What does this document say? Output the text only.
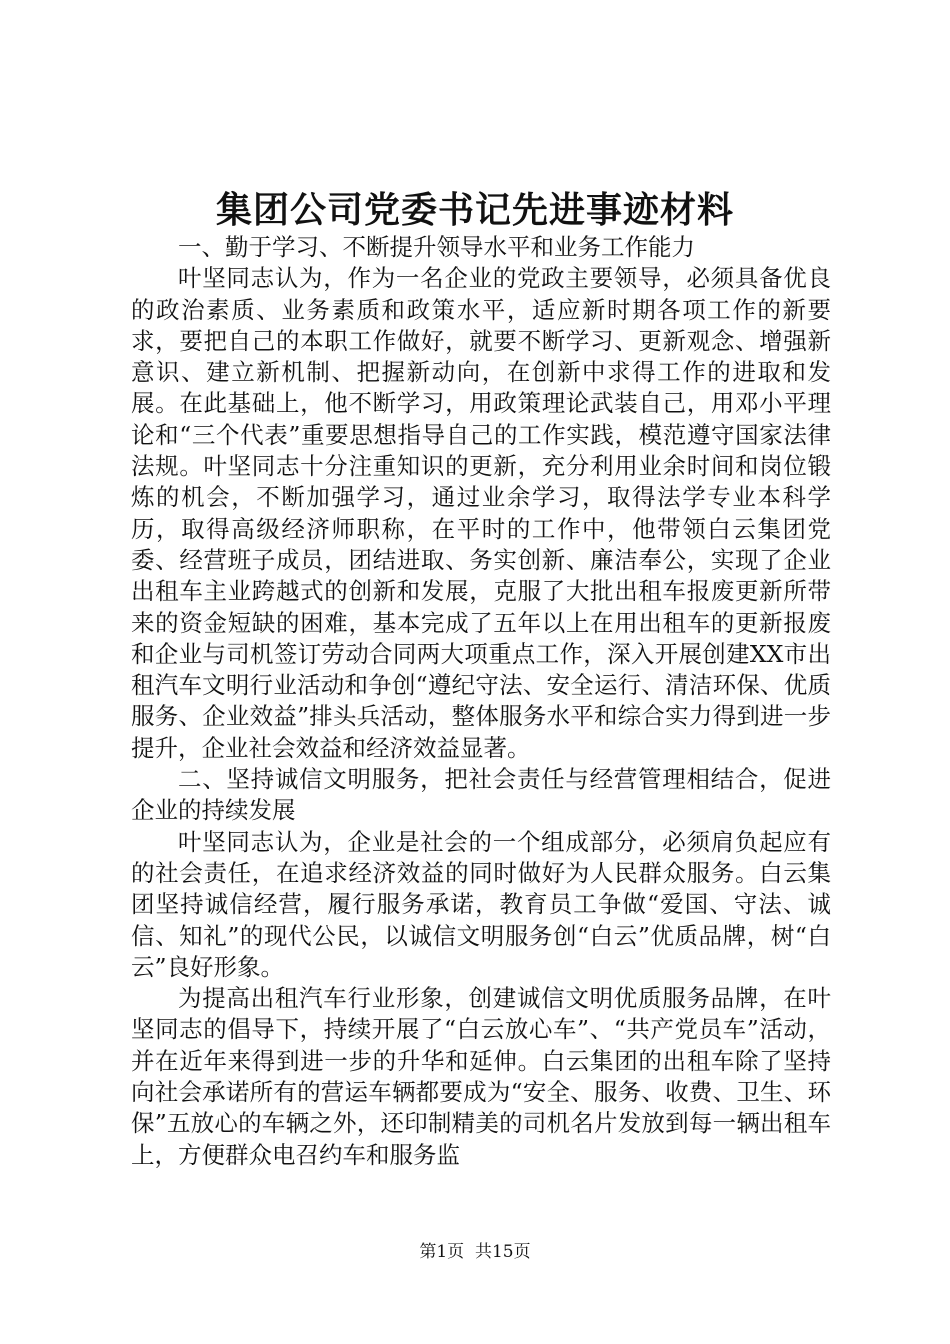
集团公司党委书记先进事迹材料

一、勤于学习、不断提升领导水平和业务工作能力

叶坚同志认为，作为一名企业的党政主要领导，必须具备优良的政治素质、业务素质和政策水平，适应新时期各项工作的新要求，要把自己的本职工作做好，就要不断学习、更新观念、增强新意识、建立新机制、把握新动向，在创新中求得工作的进取和发展。在此基础上，他不断学习，用政策理论武装自己，用邓小平理论和“三个代表”重要思想指导自己的工作实践，模范遵守国家法律法规。叶坚同志十分注重知识的更新，充分利用业余时间和岗位锻炼的机会，不断加强学习，通过业余学习，取得法学专业本科学历，取得高级经济师职称，在平时的工作中，他带领白云集团党委、经营班子成员，团结进取、务实创新、廉洁奉公，实现了企业出租车主业跨越式的创新和发展，克服了大批出租车报废更新所带来的资金短缺的困难，基本完成了五年以上在用出租车的更新报废和企业与司机签订劳动合同两大项重点工作，深入开展创建XX市出租汽车文明行业活动和争创“遵纪守法、安全运行、清洁环保、优质服务、企业效益”排头兵活动，整体服务水平和综合实力得到进一步提升，企业社会效益和经济效益显著。

二、坚持诚信文明服务，把社会责任与经营管理相结合，促进企业的持续发展

叶坚同志认为，企业是社会的一个组成部分，必须肩负起应有的社会责任，在追求经济效益的同时做好为人民群众服务。白云集团坚持诚信经营，履行服务承诺，教育员工争做“爱国、守法、诚信、知礼”的现代公民，以诚信文明服务创“白云”优质品牌，树“白云”良好形象。

为提高出租汽车行业形象，创建诚信文明优质服务品牌，在叶坚同志的倡导下，持续开展了“白云放心车”、“共产党员车”活动，并在近年来得到进一步的升华和延伸。白云集团的出租车除了坚持向社会承诺所有的营运车辆都要成为“安全、服务、收费、卫生、环保”五放心的车辆之外，还印制精美的司机名片发放到每一辆出租车上，方便群众电召约车和服务监

第1页  共15页
